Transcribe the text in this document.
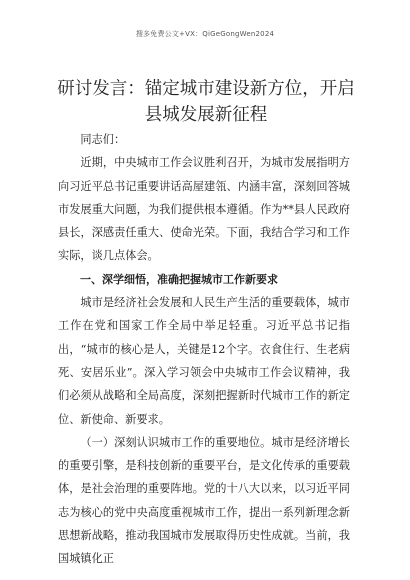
搜多免费公文+VX：QiGeGongWen2024
研讨发言：锚定城市建设新方位，开启县城发展新征程

同志们：

近期，中央城市工作会议胜利召开，为城市发展指明方向习近平总书记重要讲话高屋建瓴、内涵丰富，深刻回答城市发展重大问题，为我们提供根本遵循。作为**县人民政府县长，深感责任重大、使命光荣。下面，我结合学习和工作实际，谈几点体会。

一、深学细悟，准确把握城市工作新要求

城市是经济社会发展和人民生产生活的重要载体，城市工作在党和国家工作全局中举足轻重。习近平总书记指出，“城市的核心是人，关键是12个字。衣食住行、生老病死、安居乐业”。深入学习领会中央城市工作会议精神，我们必须从战略和全局高度，深刻把握新时代城市工作的新定位、新使命、新要求。

（一）深刻认识城市工作的重要地位。城市是经济增长的重要引擎，是科技创新的重要平台，是文化传承的重要载体，是社会治理的重要阵地。党的十八大以来，以习近平同志为核心的党中央高度重视城市工作，提出一系列新理念新思想新战略，推动我国城市发展取得历史性成就。当前，我国城镇化正
